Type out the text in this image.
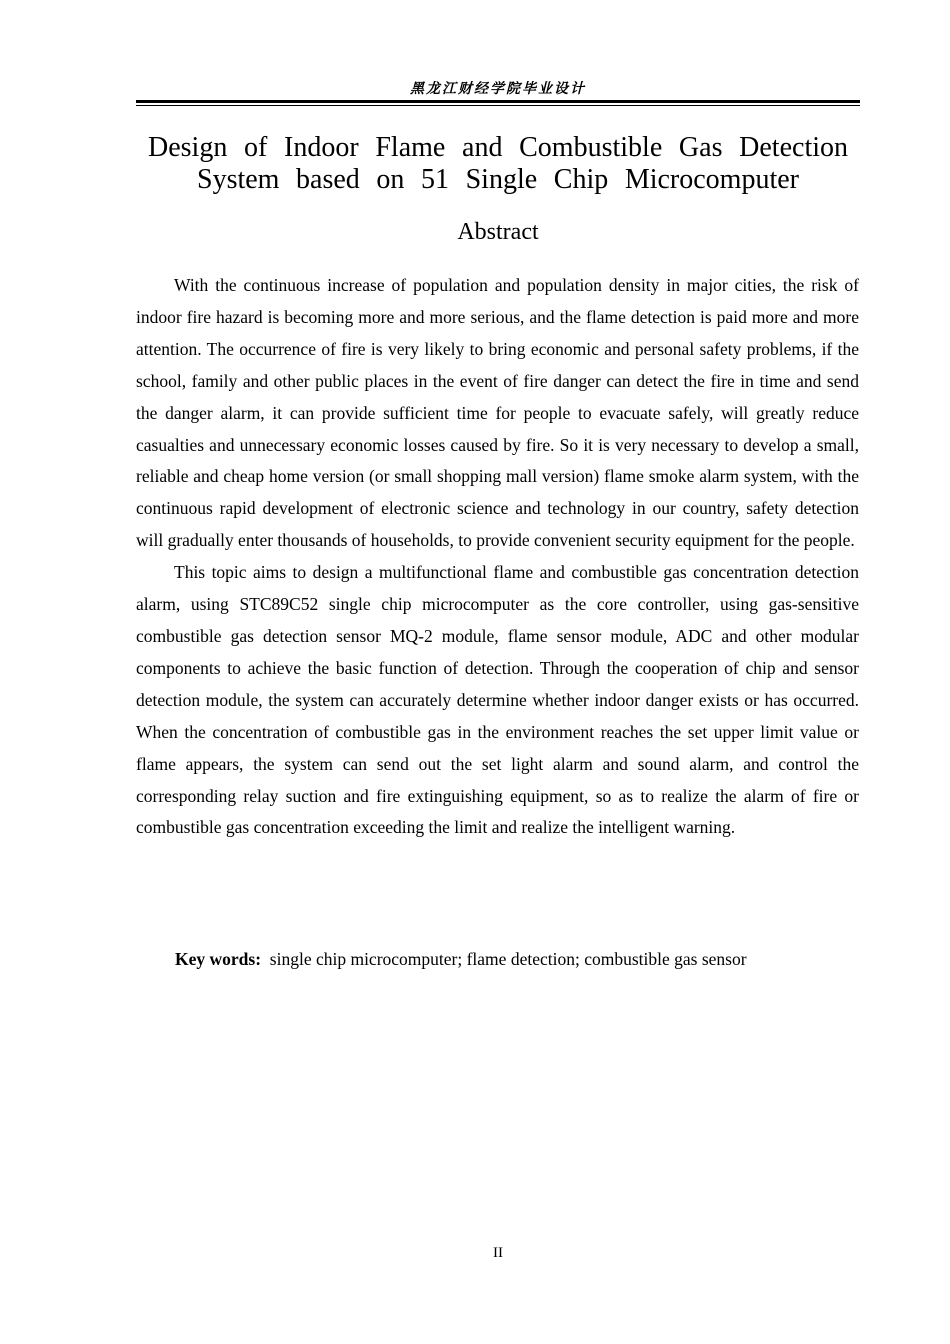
黑龙江财经学院毕业设计
Design of Indoor Flame and Combustible Gas Detection
System based on 51 Single Chip Microcomputer
Abstract

With the continuous increase of population and population density in major cities, the risk of indoor fire hazard is becoming more and more serious, and the flame detection is paid more and more attention. The occurrence of fire is very likely to bring economic and personal safety problems, if the school, family and other public places in the event of fire danger can detect the fire in time and send the danger alarm, it can provide sufficient time for people to evacuate safely, will greatly reduce casualties and unnecessary economic losses caused by fire. So it is very necessary to develop a small, reliable and cheap home version (or small shopping mall version) flame smoke alarm system, with the continuous rapid development of electronic science and technology in our country, safety detection will gradually enter thousands of households, to provide convenient security equipment for the people.

This topic aims to design a multifunctional flame and combustible gas concentration detection alarm, using STC89C52 single chip microcomputer as the core controller, using gas-sensitive combustible gas detection sensor MQ-2 module, flame sensor module, ADC and other modular components to achieve the basic function of detection. Through the cooperation of chip and sensor detection module, the system can accurately determine whether indoor danger exists or has occurred. When the concentration of combustible gas in the environment reaches the set upper limit value or flame appears, the system can send out the set light alarm and sound alarm, and control the corresponding relay suction and fire extinguishing equipment, so as to realize the alarm of fire or combustible gas concentration exceeding the limit and realize the intelligent warning.

Key words: single chip microcomputer; flame detection; combustible gas sensor
II
